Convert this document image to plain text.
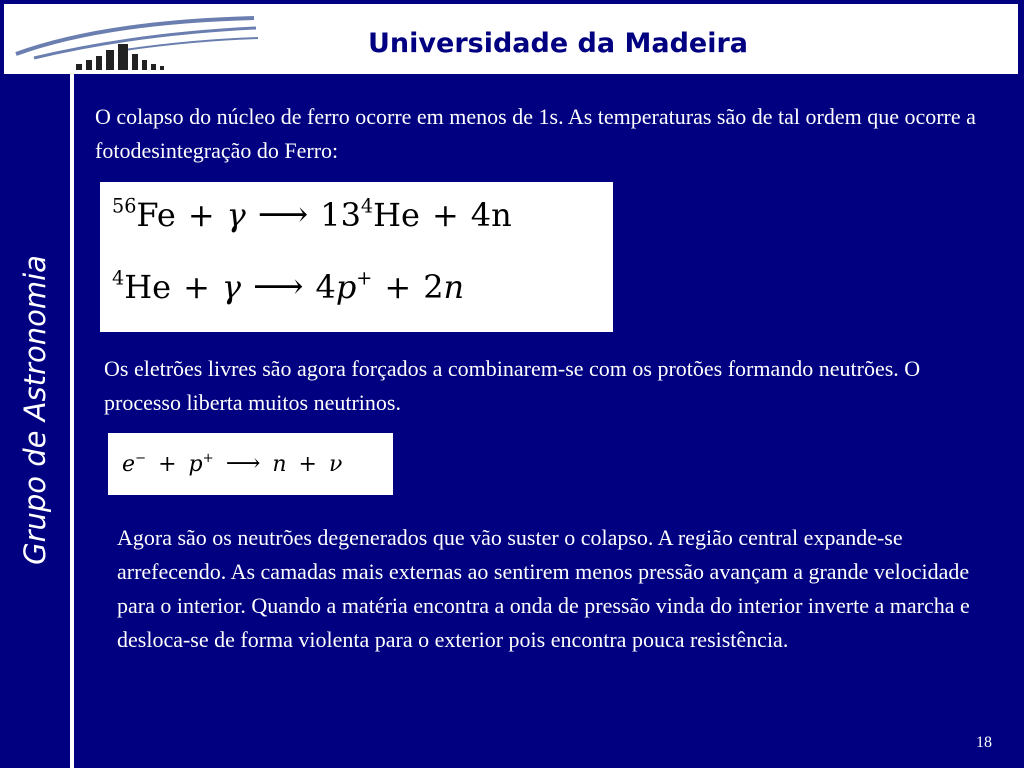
Universidade da Madeira
Grupo de Astronomia
O colapso do núcleo de ferro ocorre em menos de 1s. As temperaturas são de tal ordem que ocorre a fotodesintegração do Ferro:
$^{56}$Fe + γ ⟶ $13^4He + 4n$
$^4$He + γ ⟶ 4p+ + 2n
Os eletrões livres são agora forçados a combinarem-se com os protões formando neutrões. O processo liberta muitos neutrinos.
e− + p+ ⟶ n + ν
Agora são os neutrões degenerados que vão suster o colapso. A região central expande-se arrefecendo. As camadas mais externas ao sentirem menos pressão avançam a grande velocidade para o interior. Quando a matéria encontra a onda de pressão vinda do interior inverte a marcha e desloca-se de forma violenta para o exterior pois encontra pouca resistência.
18
